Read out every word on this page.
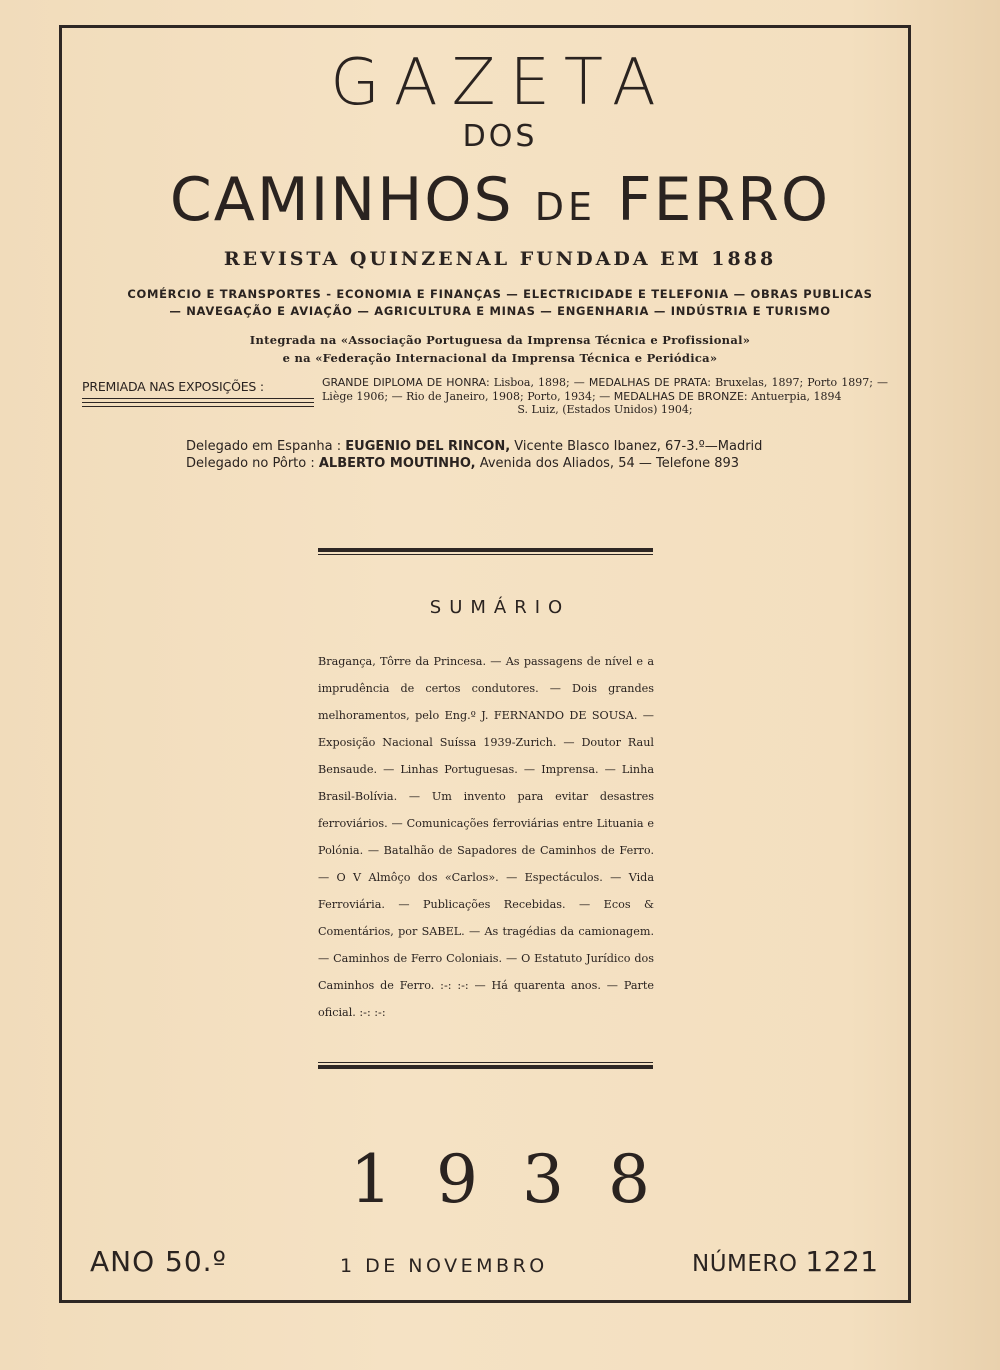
GAZETA
DOS
CAMINHOS DE FERRO
REVISTA QUINZENAL FUNDADA EM 1888
COMÉRCIO E TRANSPORTES - ECONOMIA E FINANÇAS — ELECTRICIDADE E TELEFONIA — OBRAS PUBLICAS
— NAVEGAÇÃO E AVIAÇÃO — AGRICULTURA E MINAS — ENGENHARIA — INDÚSTRIA E TURISMO
Integrada na «Associação Portuguesa da Imprensa Técnica e Profissional»
e na «Federação Internacional da Imprensa Técnica e Periódica»
PREMIADA NAS EXPOSIÇÕES :	GRANDE DIPLOMA DE HONRA: Lisboa, 1898; — MEDALHAS DE PRATA: Bruxelas, 1897; Porto 1897; — Liège 1906; — Rio de Janeiro, 1908; Porto, 1934; — MEDALHAS DE BRONZE: Antuerpia, 1894
S. Luiz, (Estados Unidos) 1904;
Delegado em Espanha : EUGENIO DEL RINCON, Vicente Blasco Ibanez, 67-3.º—Madrid
Delegado no Pôrto : ALBERTO MOUTINHO, Avenida dos Aliados, 54 — Telefone 893
SUMÁRIO
Bragança, Tôrre da Princesa. — As passagens de nível e a imprudência de certos condutores. — Dois grandes melhoramentos, pelo Eng.º J. FERNANDO DE SOUSA. — Exposição Nacional Suíssa 1939-Zurich. — Doutor Raul Bensaude. — Linhas Portuguesas. — Imprensa. — Linha Brasil-Bolívia. — Um invento para evitar desastres ferroviários. — Comunicações ferroviárias entre Lituania e Polónia. — Batalhão de Sapadores de Caminhos de Ferro. — O V Almôço dos «Carlos». — Espectáculos. — Vida Ferroviária. — Publicações Recebidas. — Ecos & Comentários, por SABEL. — As tragédias da camionagem. — Caminhos de Ferro Coloniais. — O Estatuto Jurídico dos Caminhos de Ferro. :-: :-: — Há quarenta anos. — Parte oficial. :-: :-:
1938
ANO 50.º	1 DE NOVEMBRO	NÚMERO 1221
